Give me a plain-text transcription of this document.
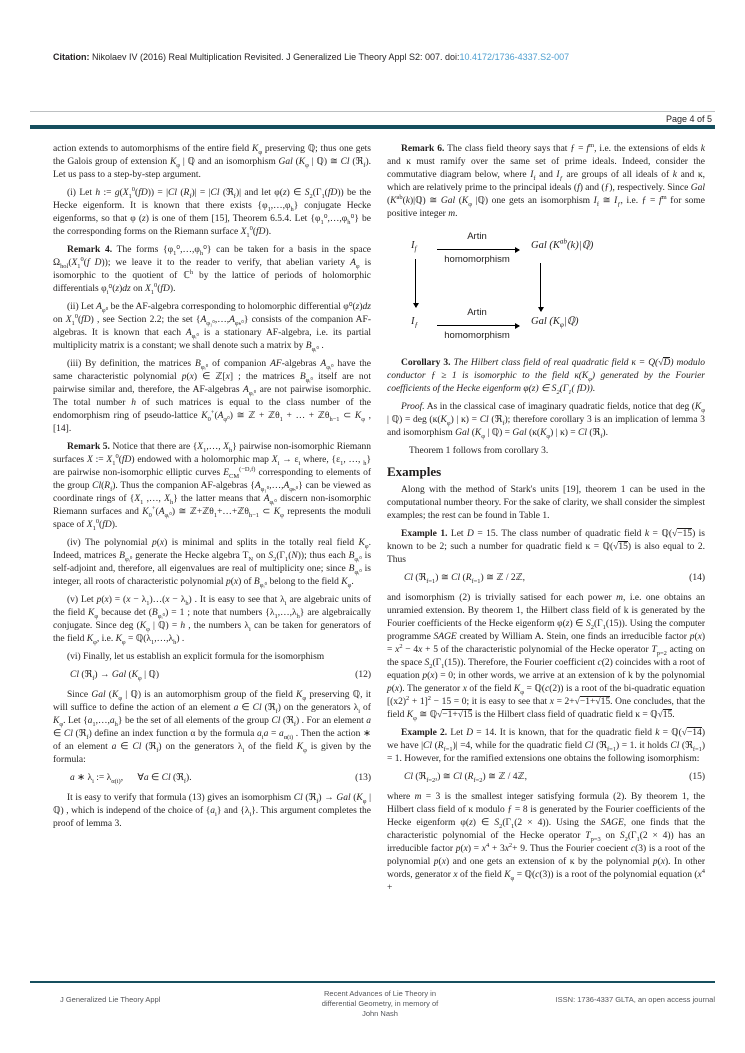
Citation: Nikolaev IV (2016) Real Multiplication Revisited. J Generalized Lie Theory Appl S2: 007. doi:10.4172/1736-4337.S2-007
Page 4 of 5

action extends to automorphisms of the entire field $K_\varphi$ preserving ℚ; thus one gets the Galois group of extension $K_\varphi$ | ℚ and an isomorphism Gal ($K_\varphi$ | ℚ) ≅ Cl (ℜ$_f$). Let us pass to a step-by-step argument.

(i) Let h := $g(X_1^0(fD)) = |Cl$ $(R_f)| = |Cl$ (ℜ$_f$)| and let φ(z) ∈ $S_2(\Gamma_1(fD))$ be the Hecke eigenform. It is known that there exists $\{\varphi_1,\dots,\varphi_h\}$ conjugate Hecke eigenforms, so that φ (z) is one of them [15], Theorem 6.5.4. Let $\{\varphi_1^0,\dots,\varphi_h^0\}$ be the corresponding forms on the Riemann surface $X_1^0(fD)$.

Remark 4. The forms $\{\varphi_1^0,\dots,\varphi_h^0\}$ can be taken for a basis in the space $\Omega_{hol}(X_1^0(f$ D)); we leave it to the reader to verify, that abelian variety $A_\varphi$ is isomorphic to the quotient of ℂ$^h$ by the lattice of periods of holomorphic differentials $\varphi_i^0(z)dz$ on $X_1^0(fD)$.

(ii) Let $A_{\varphi^0}$ be the AF-algebra corresponding to holomorphic differential φ⁰(z)dz on $X_1^0(fD)$ , see Section 2.2; the set $\{A_{\varphi_1^0},\dots,A_{\varphi_h^0}\}$ consists of the companion AF-algebras. It is known that each $A_{\varphi ᵢ^0}$ is a stationary AF-algebra, i.e. its partial multiplicity matrix is a constant; we shall denote such a matrix by $B_{\varphi ᵢ^0}$ .

(iii) By definition, the matrices $B_{\varphi ᵢ^0}$ of companion AF-algebras $A_{\varphi ᵢ^0}$ have the same characteristic polynomial p(x) ∈ ℤ[x] ; the matrices $B_{\varphi ᵢ^0}$ itself are not pairwise similar and, therefore, the AF-algebras $A_{\varphi ᵢ^0}$ are not pairwise isomorphic. The total number h of such matrices is equal to the class number of the endomorphism ring of pseudo-lattice $K_0^+(A_{\varphi^0})$ ≅ ℤ + ℤθ$_1$ + … + ℤθ$_{h-1}$ ⊂ $K_\varphi$ , [14].

Remark 5. Notice that there are {$X_1,\dots$, $X_h$} pairwise non-isomorphic Riemann surfaces X := $X_1^0(fD)$ endowed with a holomorphic map $X_i \to \varepsilon_i$ where, {$\varepsilon_1$, …, $_h$} are pairwise non-isomorphic elliptic curves $E_{CM}^{(-D,f)}$ corresponding to elements of the group $Cl(R_f)$. Thus the companion AF-algebras $\{A_{\varphi_1^0},\dots,A_{\varphi_h^0}\}$ can be viewed as coordinate rings of {$X_1$ ,…, $X_h$} the latter means that $A_{\varphi ᵢ^0}$ discern non-isomorphic Riemann surfaces and $K_0^+(A_{\varphi ᵢ^0})$ ≅ ℤ+ℤθ$_1$+…+ℤθ$_{h-1}$ ⊂ $K_\varphi$ represents the moduli space of $X_1^0(fD)$.

(iv) The polynomial p(x) is minimal and splits in the totally real field $K_\varphi$. Indeed, matrices $B_{\varphi ᵢ^0}$ generate the Hecke algebra $T_N$ on $S_2(\Gamma_1(N))$; thus each $B_{\varphi ᵢ^0}$ is self-adjoint and, therefore, all eigenvalues are real of multiplicity one; since $B_{\varphi ᵢ^0}$ is integer, all roots of characteristic polynomial p(x) of $B_{\varphi ᵢ^0}$ belong to the field $K_\varphi$.

(v) Let $p(x) = (x - \lambda_1)\dots(x - \lambda_h)$ . It is easy to see that $\lambda_i$ are algebraic units of the field $K_\varphi$ because $\det (B_{\varphi ᵢ^0}) = 1$ ; note that numbers $\{\lambda_1,\dots,\lambda_h\}$ are algebraically conjugate. Since deg ($K_\varphi$ | ℚ) = h , the numbers $\lambda_i$ can be taken for generators of the field $K_\varphi$, i.e. $K_\varphi$ = $ℚ(\lambda_1,\dots,\lambda_h)$ .

(vi) Finally, let us establish an explicit formula for the isomorphism

Cl (ℜ$_f$) → Gal ($K_\varphi$ | ℚ)	(12)

Since Gal ($K_\varphi$ | ℚ) is an automorphism group of the field $K_\varphi$ preserving ℚ, it will suffice to define the action of an element a ∈ Cl (ℜ$_f$) on the generators $\lambda_i$ of $K_\varphi$. Let $\{a_1,\dots,a_h\}$ be the set of all elements of the group Cl (ℜ$_f$) . For an element a ∈ Cl (ℜ$_f$) define an index function α by the formula $a_ia = a_{\alpha(i)}$ . Then the action ∗ of an element a ∈ Cl (ℜ$_f$) on the generators $\lambda_i$ of the field $K_\varphi$ is given by the formula:

a ∗ $\lambda_i$ := $\lambda_{\alpha(i)}$,      ∀a ∈ Cl (ℜ$_f$).	(13)

It is easy to verify that formula (13) gives an isomorphism Cl (ℜ$_f$) → Gal ($K_\varphi$ | ℚ) , which is independ of the choice of $\{a_i\}$ and $\{\lambda_i\}$. This argument completes the proof of lemma 3.

Remark 6. The class field theory says that ƒ = $f^m$, i.e. the extensions of elds k and ĸ must ramify over the same set of prime ideals. Indeed, consider the commutative diagram below, where $I_f$ and $I_ƒ$ are groups of all ideals of k and ĸ, which are relatively prime to the principal ideals (f) and (ƒ), respectively. Since Gal $(K^{ab}(k)|ℚ)$ ≅ Gal ($K_\varphi$ |ℚ) one gets an isomorphism $I_f$ ≅ $I_ƒ$, i.e. ƒ = $f^m$ for some positive integer m.

$I_f$
Artin
homomorphism
Gal $(K^{ab}(k)|ℚ)$
$I_ƒ$
Artin
homomorphism
Gal $(K_\varphi|ℚ)$

Corollary 3. The Hilbert class field of real quadratic field ĸ = Q(√D) modulo conductor ƒ ≥ 1 is isomorphic to the field $ĸ(K_\varphi)$ generated by the Fourier coefficients of the Hecke eigenform φ(z) ∈ $S_2(\Gamma_1$( fD)).

Proof. As in the classical case of imaginary quadratic fields, notice that deg ($K_\varphi$ | ℚ) = deg ($ĸ(K_\varphi)$ | ĸ) = Cl (ℜ$_f$); therefore corollary 3 is an implication of lemma 3 and isomorphism Gal ($K_\varphi$ | ℚ) = Gal ($ĸ(K_\varphi)$ | ĸ) = Cl (ℜ$_f$).

Theorem 1 follows from corollary 3.

Examples

Along with the method of Stark's units [19], theorem 1 can be used in the computational number theory. For the sake of clarity, we shall consider the simplest examples; the rest can be found in Table 1.

Example 1. Let D = 15. The class number of quadratic field k = ℚ(√−15) is known to be 2; such a number for quadratic field ĸ = ℚ(√15) is also equal to 2. Thus

Cl (ℜ$_{f=1}$) ≅ Cl $(R_{f=1})$ ≅ ℤ / 2ℤ,	(14)

and isomorphism (2) is trivially satised for each power m, i.e. one obtains an unramied extension. By theorem 1, the Hilbert class field of k is generated by the Fourier coefficients of the Hecke eigenform φ(z) ∈ $S_2(\Gamma_1(15))$. Using the computer programme SAGE created by William A. Stein, one finds an irreducible factor $p(x) = x^2 - 4x + 5$ of the characteristic polynomial of the Hecke operator $T_{p=2}$ acting on the space $S_2(\Gamma_1(15))$. Therefore, the Fourier coefficient c(2) coincides with a root of equation p(x) = 0; in other words, we arrive at an extension of k by the polynomial p(x). The generator x of the field $K_\varphi$ = ℚ(c(2)) is a root of the bi-quadratic equation $[(x2)^2 + 1]^2 - 15 = 0$; it is easy to see that x = 2+√−1+√15. One concludes, that the field $K_\varphi$ ≅ ℚ√−1+√15 is the Hilbert class field of quadratic field ĸ = ℚ√15.

Example 2. Let D = 14. It is known, that for the quadratic field k = ℚ(√−14) we have |Cl $(R_{f=1})| =4$, while for the quadratic field Cl (ℜ$_{f=1}$) = 1. it holds Cl (ℜ$_{f=1}$) = 1. However, for the ramified extensions one obtains the following isomorphism:

Cl (ℜ$_{f=2^3}$) ≅ Cl $(R_{f=2})$ ≅ ℤ / 4ℤ,	(15)

where m = 3 is the smallest integer satisfying formula (2). By theorem 1, the Hilbert class field of ĸ modulo ƒ = 8 is generated by the Fourier coefficients of the Hecke eigenform φ(z) ∈ $S_2(\Gamma_1(2 \times 4))$. Using the SAGE, one finds that the characteristic polynomial of the Hecke operator $T_{p=3}$ on $S_2(\Gamma_1(2 \times 4))$ has an irreducible factor $p(x) = x^4 + 3x^2+ 9$. Thus the Fourier coecient c(3) is a root of the polynomial p(x) and one gets an extension of ĸ by the polynomial p(x). In other words, generator x of the field $K_\varphi$ = ℚ(c(3)) is a root of the polynomial equation ($x^4$ +

J Generalized Lie Theory Appl
Recent Advances of Lie Theory in
differential Geometry, in memory of
John Nash
ISSN: 1736-4337 GLTA, an open access journal
